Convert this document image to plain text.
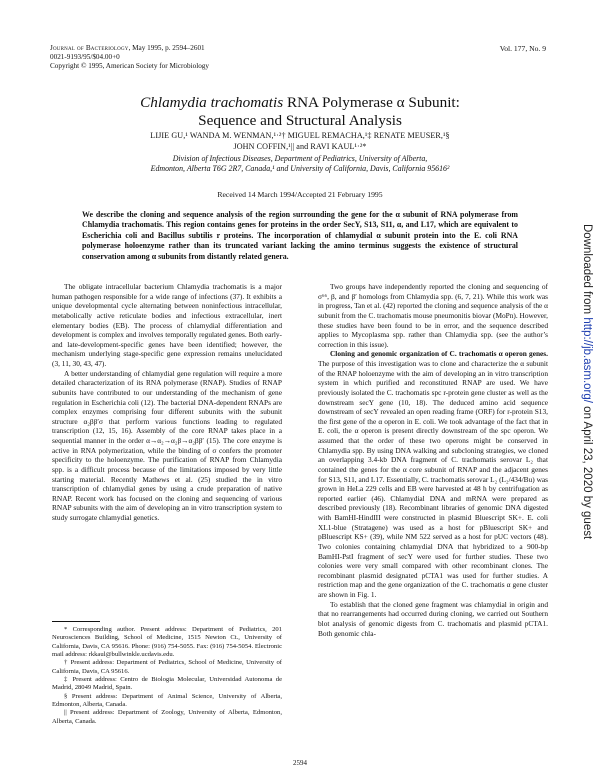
Journal of Bacteriology, May 1995, p. 2594–2601
0021-9193/95/$04.00+0
Copyright © 1995, American Society for Microbiology
Vol. 177, No. 9
Chlamydia trachomatis RNA Polymerase α Subunit:
Sequence and Structural Analysis
LIJIE GU,¹ WANDA M. WENMAN,¹·²† MIGUEL REMACHA,¹‡ RENATE MEUSER,¹§
JOHN COFFIN,¹|| and RAVI KAUL¹·²*
Division of Infectious Diseases, Department of Pediatrics, University of Alberta,
Edmonton, Alberta T6G 2R7, Canada,¹ and University of California, Davis, California 95616²
Received 14 March 1994/Accepted 21 February 1995
We describe the cloning and sequence analysis of the region surrounding the gene for the α subunit of RNA polymerase from Chlamydia trachomatis. This region contains genes for proteins in the order SecY, S13, S11, α, and L17, which are equivalent to Escherichia coli and Bacillus subtilis r proteins. The incorporation of chlamydial α subunit protein into the E. coli RNA polymerase holoenzyme rather than its truncated variant lacking the amino terminus suggests the existence of structural conservation among α subunits from distantly related genera.

The obligate intracellular bacterium Chlamydia trachomatis is a major human pathogen responsible for a wide range of infections (37). It exhibits a unique developmental cycle alternating between noninfectious intracellular, metabolically active reticulate bodies and infectious extracellular, inert elementary bodies (EB). The process of chlamydial differentiation and development is complex and involves temporally regulated genes. Both early- and late-development-specific genes have been identified; however, the mechanism underlying stage-specific gene expression remains unelucidated (3, 11, 30, 43, 47).

A better understanding of chlamydial gene regulation will require a more detailed characterization of its RNA polymerase (RNAP). Studies of RNAP subunits have contributed to our understanding of the mechanism of gene regulation in Escherichia coli (12). The bacterial DNA-dependent RNAPs are complex enzymes comprising four different subunits with the subunit structure α₂ββ′σ that perform various functions leading to regulated transcription (12, 15, 16). Assembly of the core RNAP takes place in a sequential manner in the order α→α₂→α₂β→α₂ββ′ (15). The core enzyme is active in RNA polymerization, while the binding of σ confers the promoter specificity to the holoenzyme. The purification of RNAP from Chlamydia spp. is a difficult process because of the limitations imposed by very little starting material. Recently Mathews et al. (25) studied the in vitro transcription of chlamydial genes by using a crude preparation of native RNAP. Recent work has focused on the cloning and sequencing of various RNAP subunits with the aim of developing an in vitro transcription system to study surrogate chlamydial genetics.

* Corresponding author. Present address: Department of Pediatrics, 201 Neurosciences Building, School of Medicine, 1515 Newton Ct., University of California, Davis, CA 95616. Phone: (916) 754-5055. Fax: (916) 754-5054. Electronic mail address: rkkaul@bullwinkle.ucdavis.edu.

† Present address: Department of Pediatrics, School of Medicine, University of California, Davis, CA 95616.

‡ Present address: Centro de Biologia Molecular, Universidad Autonoma de Madrid, 28049 Madrid, Spain.

§ Present address: Department of Animal Science, University of Alberta, Edmonton, Alberta, Canada.

|| Present address: Department of Zoology, University of Alberta, Edmonton, Alberta, Canada.

Two groups have independently reported the cloning and sequencing of σ⁶⁶, β, and β′ homologs from Chlamydia spp. (6, 7, 21). While this work was in progress, Tan et al. (42) reported the cloning and sequence analysis of the α subunit from the C. trachomatis mouse pneumonitis biovar (MoPn). However, these studies have been found to be in error, and the sequence described applies to Mycoplasma spp. rather than Chlamydia spp. (see the author’s correction in this issue).

Cloning and genomic organization of C. trachomatis α operon genes. The purpose of this investigation was to clone and characterize the α subunit of the RNAP holoenzyme with the aim of developing an in vitro transcription system in which purified and reconstituted RNAP are used. We have previously isolated the C. trachomatis spc r-protein gene cluster as well as the downstream secY gene (10, 18). The deduced amino acid sequence downstream of secY revealed an open reading frame (ORF) for r-protein S13, the first gene of the α operon in E. coli. We took advantage of the fact that in E. coli, the α operon is present directly downstream of the spc operon. We assumed that the order of these two operons might be conserved in Chlamydia spp. By using DNA walking and subcloning strategies, we cloned an overlapping 3.4-kb DNA fragment of C. trachomatis serovar L₂ that contained the genes for the α core subunit of RNAP and the adjacent genes for S13, S11, and L17. Essentially, C. trachomatis serovar L₂ (L₂/434/Bu) was grown in HeLa 229 cells and EB were harvested at 48 h by centrifugation as reported earlier (46). Chlamydial DNA and mRNA were prepared as described previously (18). Recombinant libraries of genomic DNA digested with BamHI-HindIII were constructed in plasmid Bluescript SK+. E. coli XL1-blue (Stratagene) was used as a host for pBluescript SK+ and pBluescript KS+ (39), while NM 522 served as a host for pUC vectors (48). Two colonies containing chlamydial DNA that hybridized to a 900-bp BamHI-PstI fragment of secY were used for further studies. These two colonies were very small compared with other recombinant clones. The recombinant plasmid designated pCTA1 was used for further studies. A restriction map and the gene organization of the C. trachomatis α gene cluster are shown in Fig. 1.

To establish that the cloned gene fragment was chlamydial in origin and that no rearrangements had occurred during cloning, we carried out Southern blot analysis of genomic digests from C. trachomatis and plasmid pCTA1. Both genomic chla-

2594
Downloaded from http://jb.asm.org/ on April 23, 2020 by guest
